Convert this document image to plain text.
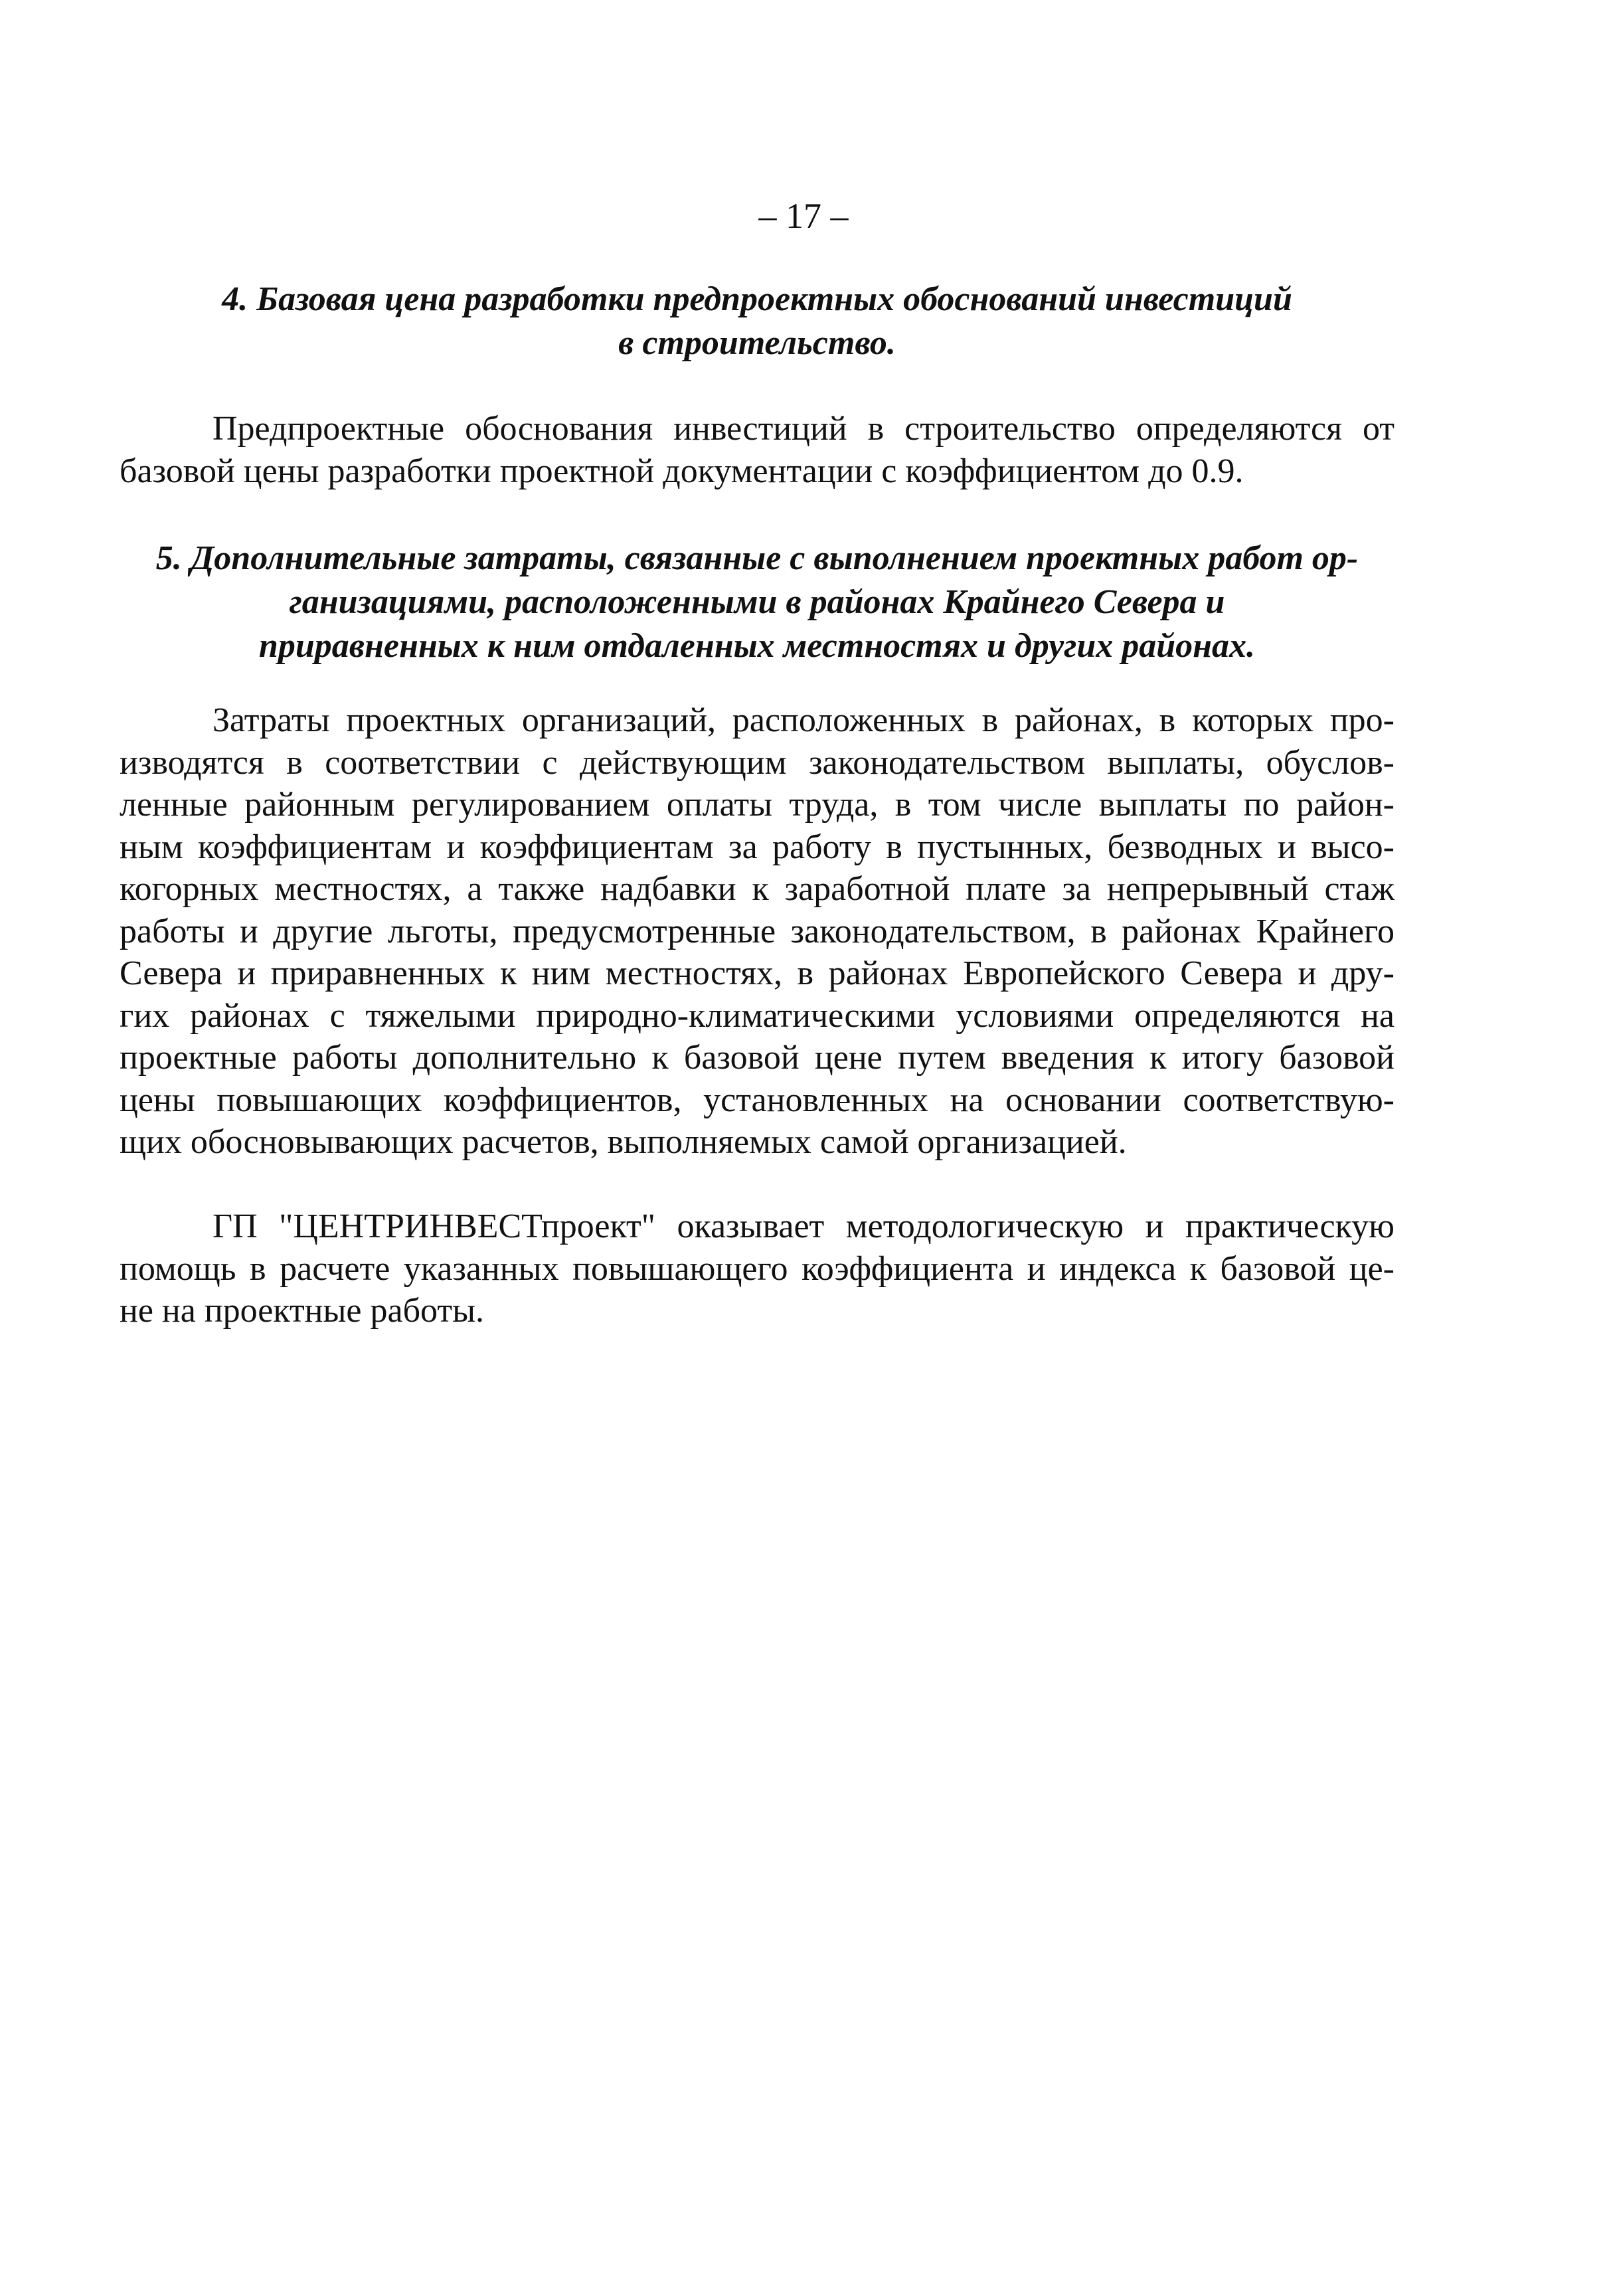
– 17 –
4. Базовая цена разработки предпроектных обоснований инвестиций
в строительство.

Предпроектные обоснования инвестиций в строительство определяются от
базовой цены разработки проектной документации с коэффициентом до 0.9.

5. Дополнительные затраты, связанные с выполнением проектных работ ор-
ганизациями, расположенными в районах Крайнего Севера и
приравненных к ним отдаленных местностях и других районах.

Затраты проектных организаций, расположенных в районах, в которых про-
изводятся в соответствии с действующим законодательством выплаты, обуслов-
ленные районным регулированием оплаты труда, в том числе выплаты по район-
ным коэффициентам и коэффициентам за работу в пустынных, безводных и высо-
когорных местностях, а также надбавки к заработной плате за непрерывный стаж
работы и другие льготы, предусмотренные законодательством, в районах Крайнего
Севера и приравненных к ним местностях, в районах Европейского Севера и дру-
гих районах с тяжелыми природно-климатическими условиями определяются на
проектные работы дополнительно к базовой цене путем введения к итогу базовой
цены повышающих коэффициентов, установленных на основании соответствую-
щих обосновывающих расчетов, выполняемых самой организацией.

ГП "ЦЕНТРИНВЕСТпроект" оказывает методологическую и практическую
помощь в расчете указанных повышающего коэффициента и индекса к базовой це-
не на проектные работы.
